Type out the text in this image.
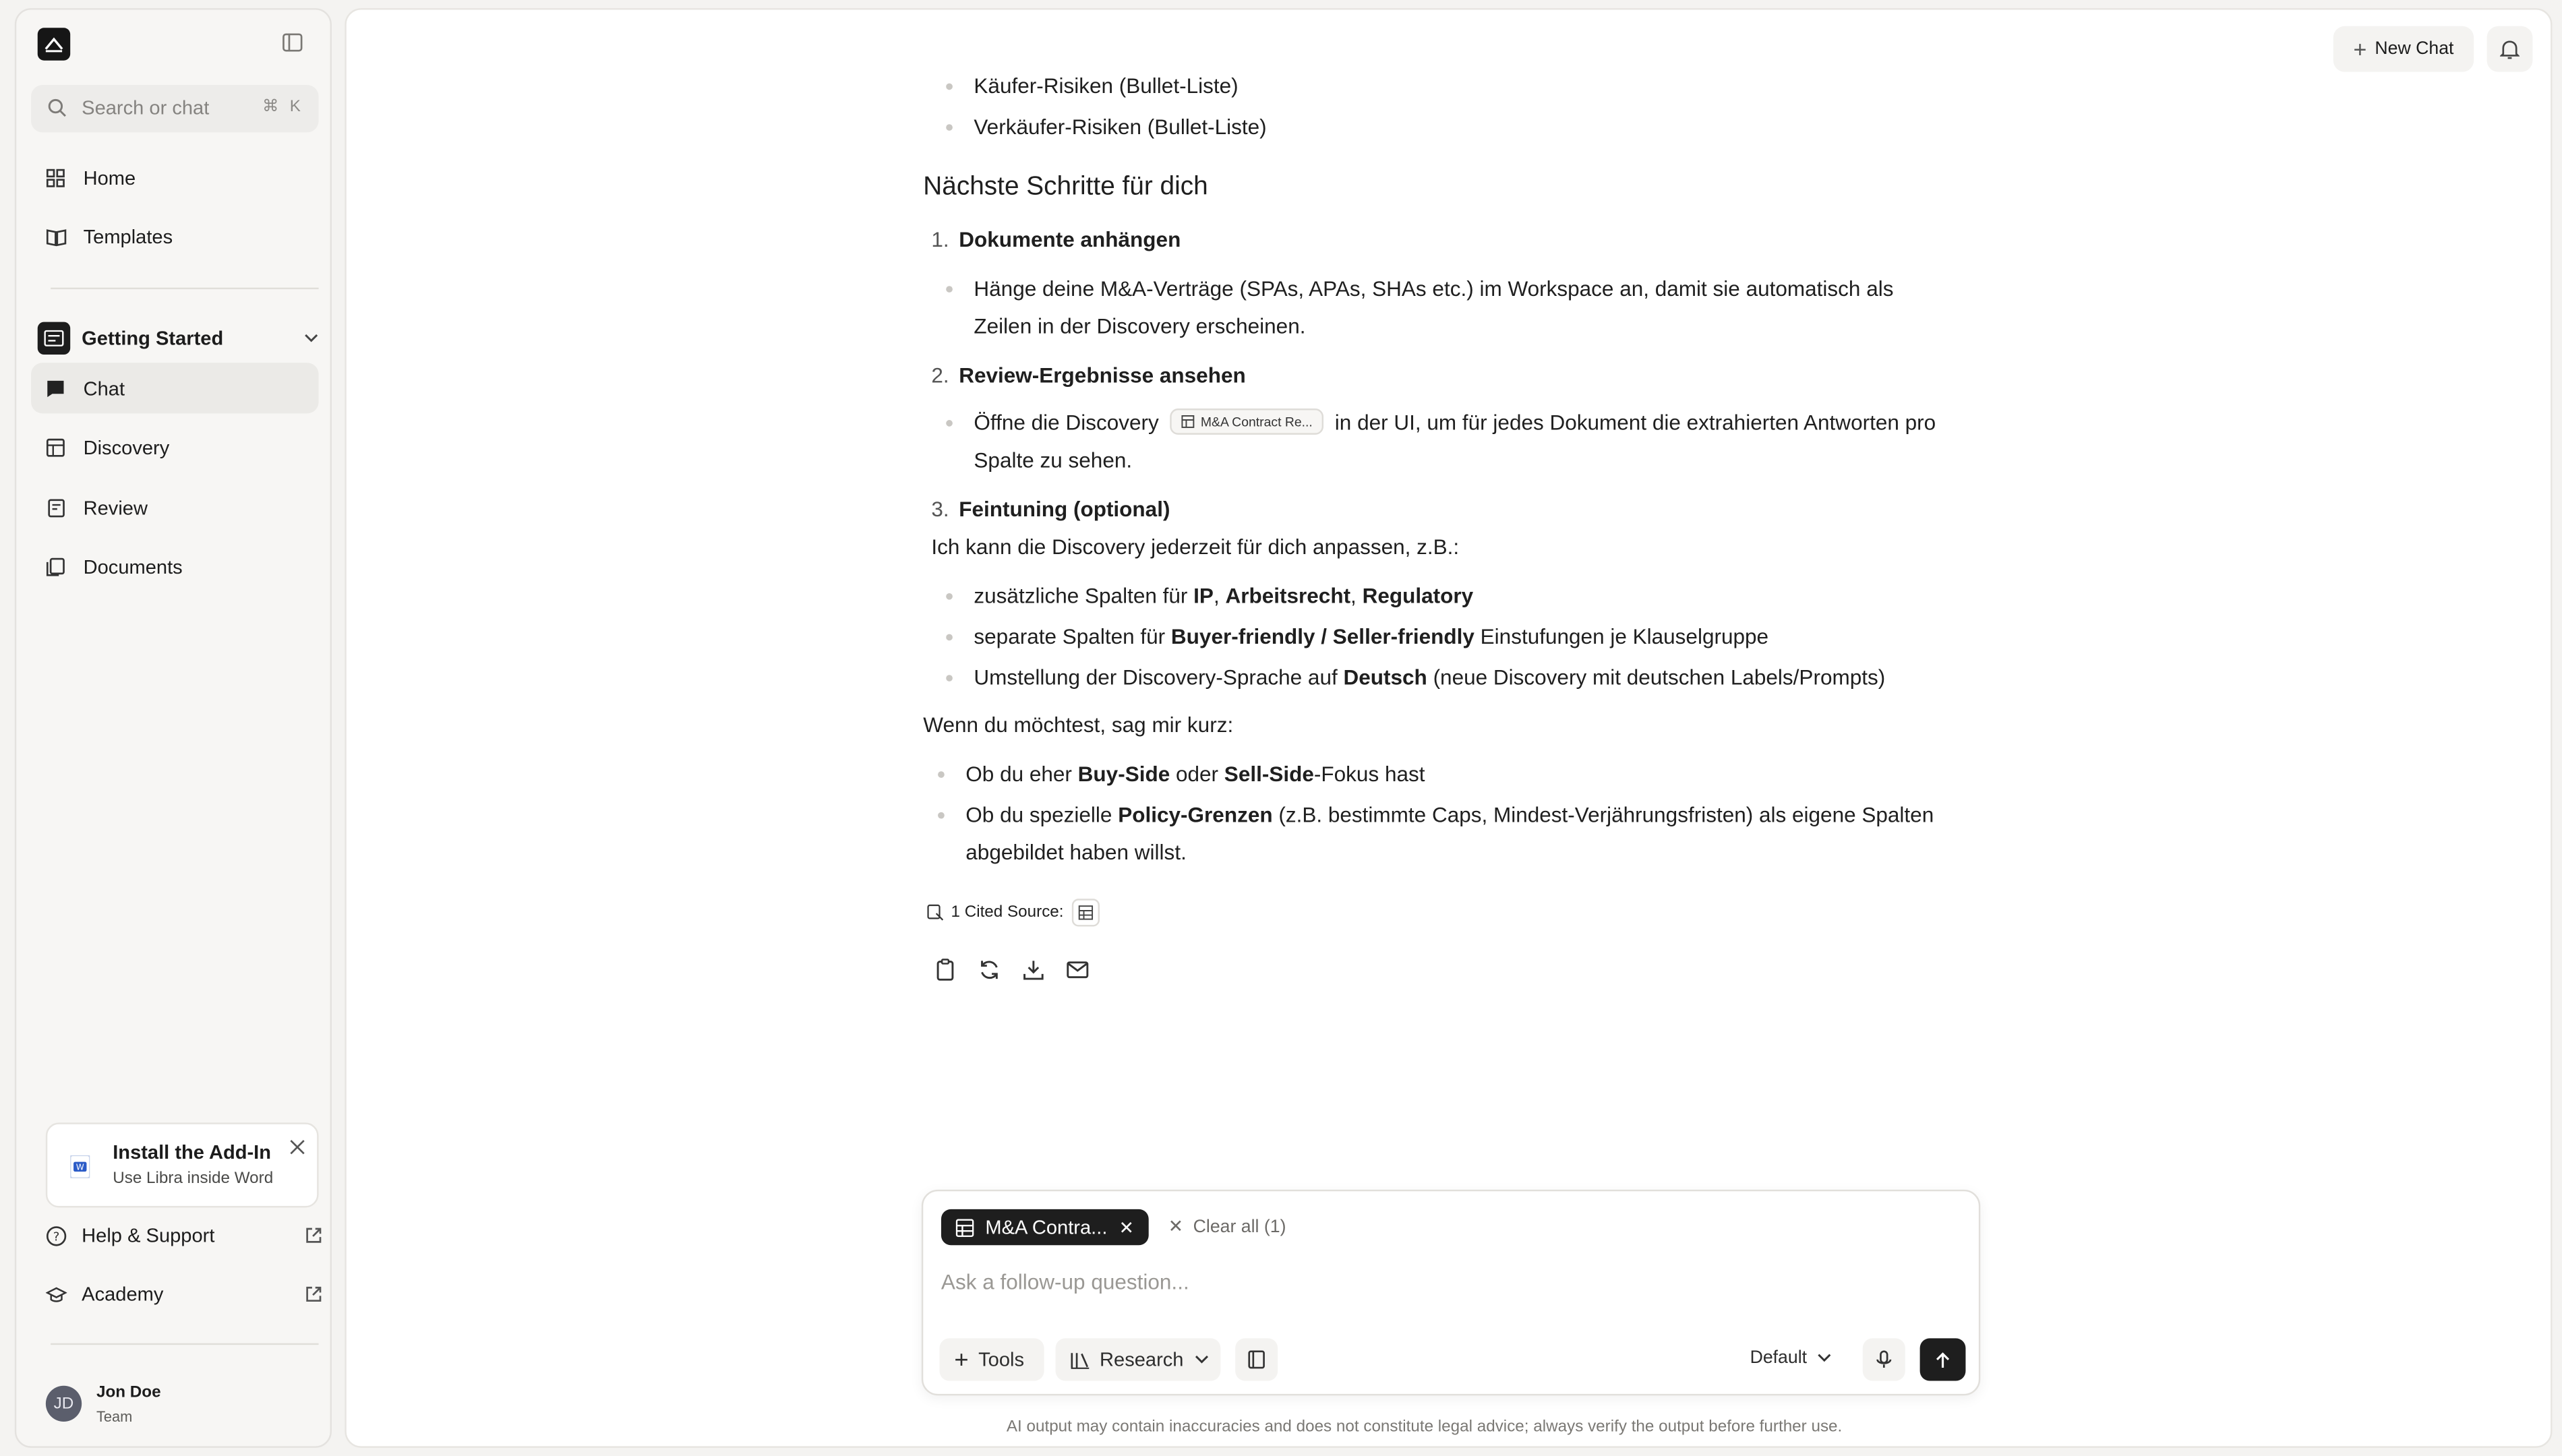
Search or chat	⌘ K
Home
Templates
Getting Started
Chat
Discovery
Review
Documents
W
Install the Add-In
Use Libra inside Word
?	Help & Support
Academy
JD
Jon Doe
Team
+ New Chat
Käufer-Risiken (Bullet-Liste)
Verkäufer-Risiken (Bullet-Liste)
Nächste Schritte für dich
1. Dokumente anhängen
Hänge deine M&A-Verträge (SPAs, APAs, SHAs etc.) im Workspace an, damit sie automatisch als
Zeilen in der Discovery erscheinen.
2. Review-Ergebnisse ansehen
Öffne die Discovery	M&A Contract Re...	in der UI, um für jedes Dokument die extrahierten Antworten pro
Spalte zu sehen.
3. Feintuning (optional)
Ich kann die Discovery jederzeit für dich anpassen, z.B.:
zusätzliche Spalten für IP, Arbeitsrecht, Regulatory
separate Spalten für Buyer-friendly / Seller-friendly Einstufungen je Klauselgruppe
Umstellung der Discovery-Sprache auf Deutsch (neue Discovery mit deutschen Labels/Prompts)
Wenn du möchtest, sag mir kurz:
Ob du eher Buy-Side oder Sell-Side-Fokus hast
Ob du spezielle Policy-Grenzen (z.B. bestimmte Caps, Mindest-Verjährungsfristen) als eigene Spalten
abgebildet haben willst.
1 Cited Source:
M&A Contra...	✕	✕ Clear all (1)
Ask a follow-up question...
+ Tools	Research	Default
AI output may contain inaccuracies and does not constitute legal advice; always verify the output before further use.
